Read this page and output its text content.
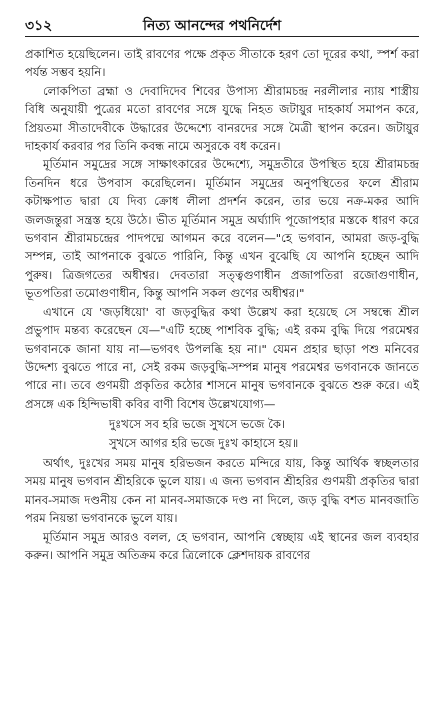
৩১২	নিত্য আনন্দের পথনির্দেশ

প্রকাশিত হয়েছিলেন। তাই রাবণের পক্ষে প্রকৃত সীতাকে হরণ তো দূরের কথা, স্পর্শ করা পর্যন্ত সম্ভব হয়নি।

লোকপিতা ব্রহ্মা ও দেবাদিদেব শিবের উপাস্য শ্রীরামচন্দ্র নরলীলার ন্যায় শাস্ত্রীয় বিধি অনুযায়ী পুত্রের মতো রাবণের সঙ্গে যুদ্ধে নিহত জটায়ুর দাহকার্য সমাপন করে, প্রিয়তমা সীতাদেবীকে উদ্ধারের উদ্দেশ্যে বানরদের সঙ্গে মৈত্রী স্থাপন করেন। জটায়ুর দাহকার্য করবার পর তিনি কবন্ধ নামে অসুরকে বধ করেন।

মূর্তিমান সমুদ্রের সঙ্গে সাক্ষাৎকারের উদ্দেশ্যে, সমুদ্রতীরে উপস্থিত হয়ে শ্রীরামচন্দ্র তিনদিন ধরে উপবাস করেছিলেন। মূর্তিমান সমুদ্রের অনুপস্থিতের ফলে শ্রীরাম কটাক্ষপাত দ্বারা যে দিব্য ক্রোধ লীলা প্রদর্শন করেন, তার ভয়ে নক্র-মকর আদি জলজন্তুরা সন্ত্রস্ত হয়ে উঠে। ভীত মূর্তিমান সমুদ্র অর্ঘ্যাদি পূজোপহার মস্তকে ধারণ করে ভগবান শ্রীরামচন্দ্রের পাদপদ্মে আগমন করে বলেন—"হে ভগবান, আমরা জড়-বুদ্ধি সম্পন্ন, তাই আপনাকে বুঝতে পারিনি, কিন্তু এখন বুঝেছি যে আপনি হচ্ছেন আদি পুরুষ। ত্রিজগতের অধীশ্বর। দেবতারা সত্ত্বগুণাধীন প্রজাপতিরা রজোগুণাধীন, ভূতপতিরা তমোগুণাধীন, কিন্তু আপনি সকল গুণের অধীশ্বর।"

এখানে যে 'জড়ধিয়ো' বা জড়বুদ্ধির কথা উল্লেখ করা হয়েছে সে সম্বন্ধে শ্রীল প্রভুপাদ মন্তব্য করেছেন যে—"এটি হচ্ছে পাশবিক বুদ্ধি; এই রকম বুদ্ধি দিয়ে পরমেশ্বর ভগবানকে জানা যায় না—ভগবৎ উপলব্ধি হয় না।" যেমন প্রহার ছাড়া পশু মনিবের উদ্দেশ্য বুঝতে পারে না, সেই রকম জড়বুদ্ধি-সম্পন্ন মানুষ পরমেশ্বর ভগবানকে জানতে পারে না। তবে গুণময়ী প্রকৃতির কঠোর শাসনে মানুষ ভগবানকে বুঝতে শুরু করে। এই প্রসঙ্গে এক হিন্দিভাষী কবির বাণী বিশেষ উল্লেখযোগ্য—

দুঃখসে সব হরি ভজে সুখসে ভজে কৈ।
সুখসে আগর হরি ভজে দুঃখ কাহাসে হয়॥

অর্থাৎ, দুঃখের সময় মানুষ হরিভজন করতে মন্দিরে যায়, কিন্তু আর্থিক স্বচ্ছলতার সময় মানুষ ভগবান শ্রীহরিকে ভুলে যায়। এ জন্য ভগবান শ্রীহরির গুণময়ী প্রকৃতির দ্বারা মানব-সমাজ দণ্ডনীয় কেন না মানব-সমাজকে দণ্ড না দিলে, জড় বুদ্ধি বশত মানবজাতি পরম নিয়ন্তা ভগবানকে ভুলে যায়।

মূর্তিমান সমুদ্র আরও বলল, হে ভগবান, আপনি স্বেচ্ছায় এই স্থানের জল ব্যবহার করুন। আপনি সমুদ্র অতিক্রম করে ত্রিলোকে ক্লেশদায়ক রাবণের
